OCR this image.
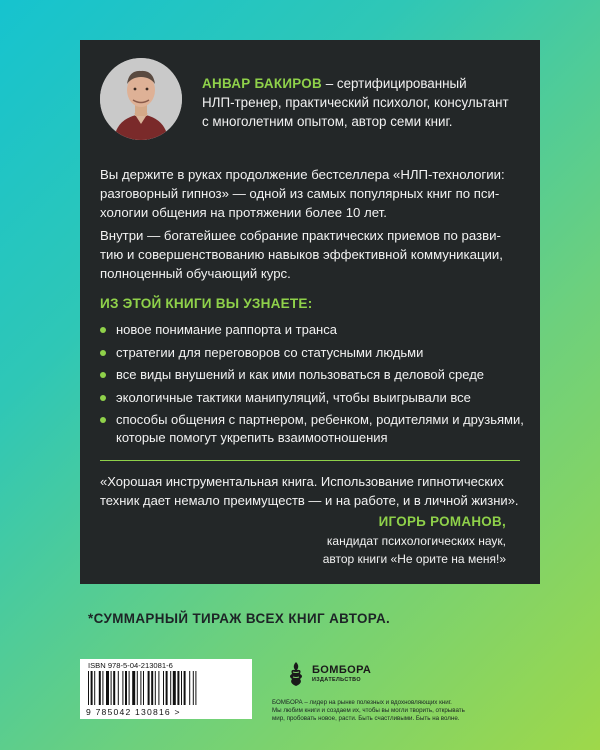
АНВАР БАКИРОВ – сертифицированный
НЛП-тренер, практический психолог, консультант
с многолетним опытом, автор семи книг.
Вы держите в руках продолжение бестселлера «НЛП-технологии:
разговорный гипноз» — одной из самых популярных книг по пси-
хологии общения на протяжении более 10 лет.
Внутри — богатейшее собрание практических приемов по разви-
тию и совершенствованию навыков эффективной коммуникации,
полноценный обучающий курс.
ИЗ ЭТОЙ КНИГИ ВЫ УЗНАЕТЕ:
новое понимание раппорта и транса
стратегии для переговоров со статусными людьми
все виды внушений и как ими пользоваться в деловой среде
экологичные тактики манипуляций, чтобы выигрывали все
способы общения с партнером, ребенком, родителями и друзьями, которые помогут укрепить взаимоотношения
«Хорошая инструментальная книга. Использование гипнотических
техник дает немало преимуществ — и на работе, и в личной жизни».
ИГОРЬ РОМАНОВ,
кандидат психологических наук,
автор книги «Не орите на меня!»
*СУММАРНЫЙ ТИРАЖ ВСЕХ КНИГ АВТОРА.
ISBN 978-5-04-213081-6
9 785042 130816 >
БОМБОРА
ИЗДАТЕЛЬСТВО
БОМБОРА – лидер на рынке полезных и вдохновляющих книг.
Мы любим книги и создаем их, чтобы вы могли творить, открывать
мир, пробовать новое, расти. Быть счастливыми. Быть на волне.
